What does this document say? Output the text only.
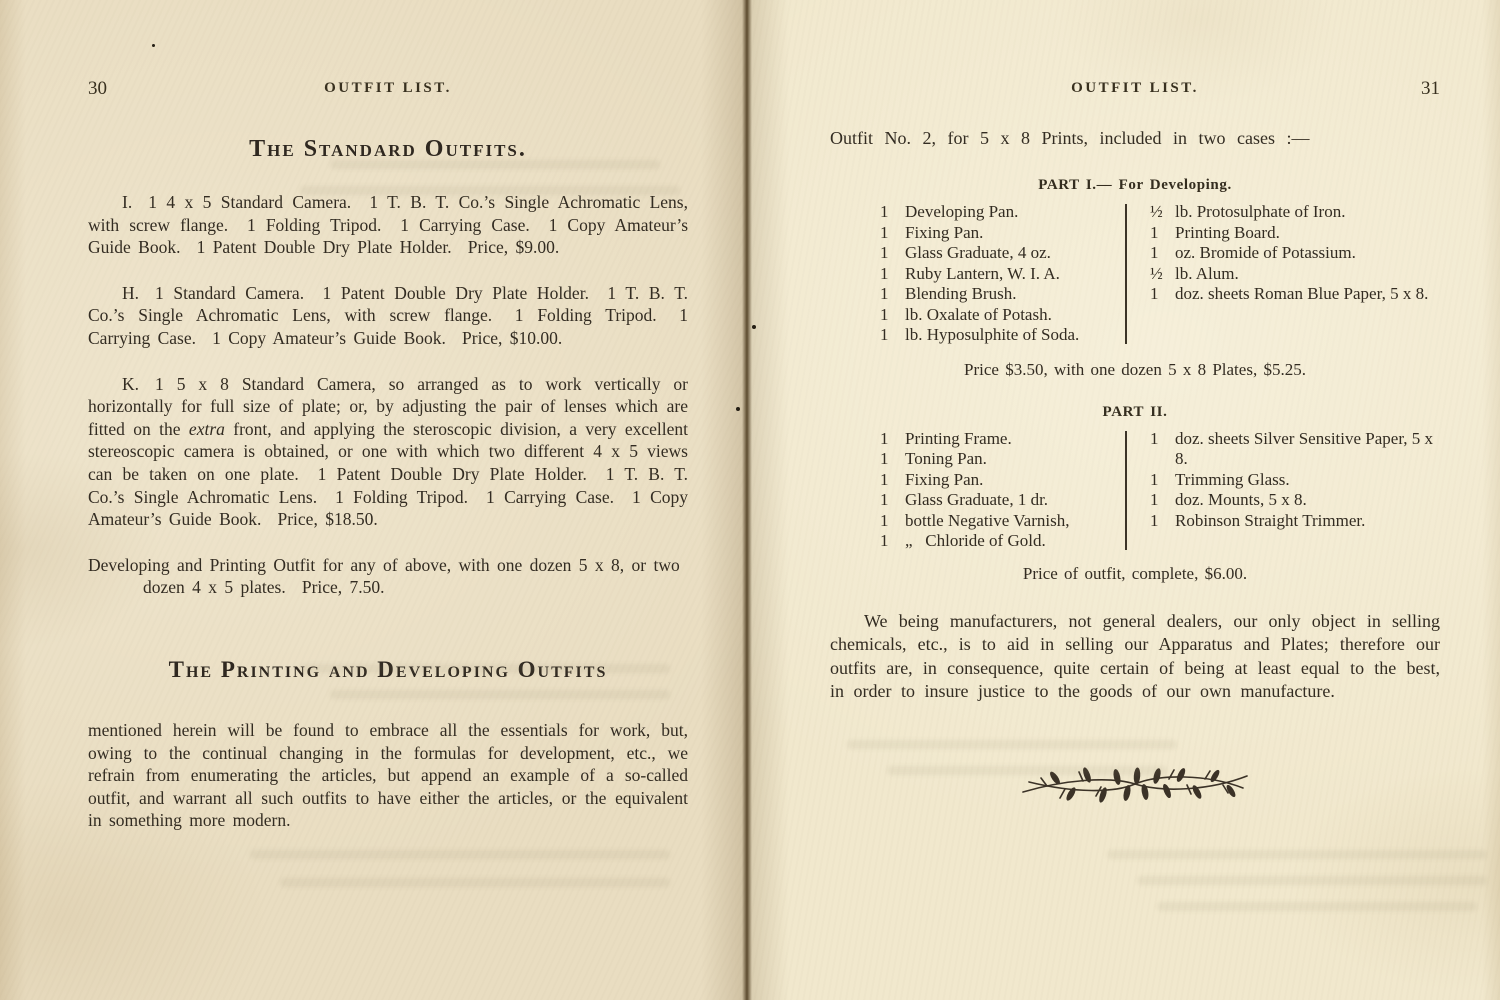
30	OUTFIT LIST.
The Standard Outfits.

I. 1 4 x 5 Standard Camera.  1 T. B. T. Co.’s Single Achromatic Lens, with screw flange.  1 Folding Tripod.  1 Carrying Case.  1 Copy Amateur’s Guide Book.  1 Patent Double Dry Plate Holder.  Price, $9.00.

H. 1 Standard Camera.  1 Patent Double Dry Plate Holder.  1 T. B. T. Co.’s Single Achromatic Lens, with screw flange.  1 Folding Tripod.  1 Carrying Case.  1 Copy Amateur’s Guide Book.  Price, $10.00.

K. 1 5 x 8 Standard Camera, so arranged as to work vertically or horizontally for full size of plate; or, by adjusting the pair of lenses which are fitted on the extra front, and applying the steroscopic division, a very excellent stereoscopic camera is obtained, or one with which two different 4 x 5 views can be taken on one plate.  1 Patent Double Dry Plate Holder.  1 T. B. T. Co.’s Single Achromatic Lens.  1 Folding Tripod.  1 Carrying Case.  1 Copy Amateur’s Guide Book.  Price, $18.50.

Developing and Printing Outfit for any of above, with one dozen 5 x 8, or two dozen 4 x 5 plates.  Price, 7.50.

The Printing and Developing Outfits

mentioned herein will be found to embrace all the essentials for work, but, owing to the continual changing in the formulas for development, etc., we refrain from enumerating the articles, but append an example of a so-called outfit, and warrant all such outfits to have either the articles, or the equivalent in something more modern.

OUTFIT LIST.	31

Outfit No. 2, for 5 x 8 Prints, included in two cases :—

PART I.— For Developing.
1 Developing Pan.
1 Fixing Pan.
1 Glass Graduate, 4 oz.
1 Ruby Lantern, W. I. A.
1 Blending Brush.
1 lb. Oxalate of Potash.
1 lb. Hyposulphite of Soda.
½ lb. Protosulphate of Iron.
1 Printing Board.
1 oz. Bromide of Potassium.
½ lb. Alum.
1 doz. sheets Roman Blue Paper, 5 x 8.
Price $3.50, with one dozen 5 x 8 Plates, $5.25.
PART II.
1 Printing Frame.
1 Toning Pan.
1 Fixing Pan.
1 Glass Graduate, 1 dr.
1 bottle Negative Varnish,
1 „   Chloride of Gold.
1 doz. sheets Silver Sensitive Paper, 5 x 8.
1 Trimming Glass.
1 doz. Mounts, 5 x 8.
1 Robinson Straight Trimmer.
Price of outfit, complete, $6.00.

We being manufacturers, not general dealers, our only object in selling chemicals, etc., is to aid in selling our Apparatus and Plates; therefore our outfits are, in consequence, quite certain of being at least equal to the best, in order to insure justice to the goods of our own manufacture.
